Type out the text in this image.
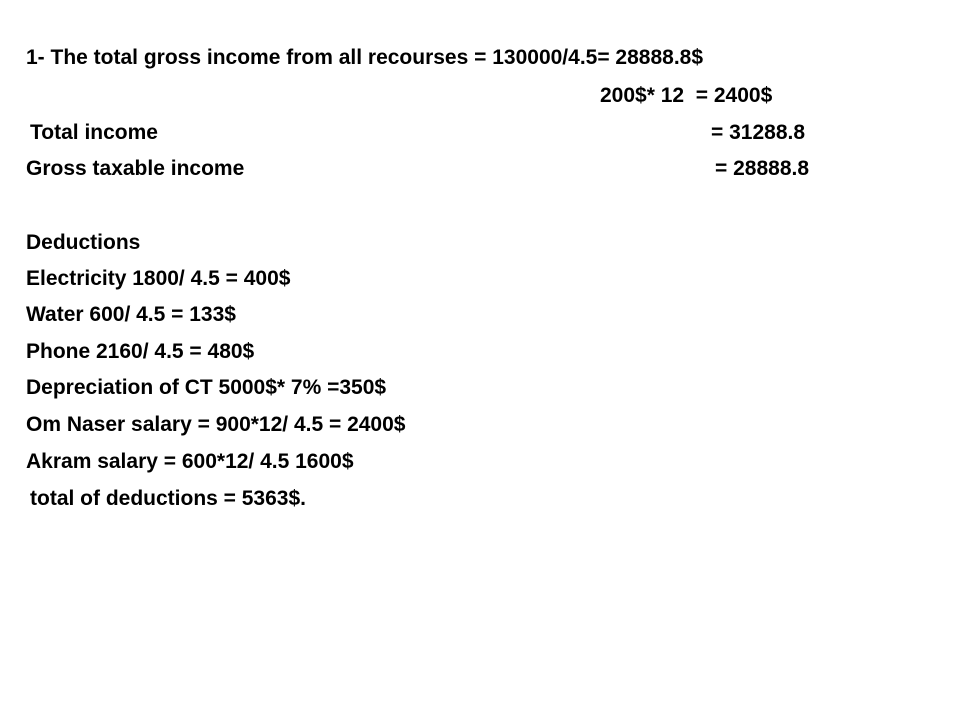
1- The total gross income from all recourses = 130000/4.5= 28888.8$
200$* 12  = 2400$
Total income	= 31288.8
Gross taxable income	= 28888.8
Deductions
Electricity 1800/ 4.5 = 400$
Water 600/ 4.5 = 133$
Phone 2160/ 4.5 = 480$
Depreciation of CT 5000$* 7% =350$
Om Naser salary = 900*12/ 4.5 = 2400$
Akram salary = 600*12/ 4.5 1600$
total of deductions = 5363$.
